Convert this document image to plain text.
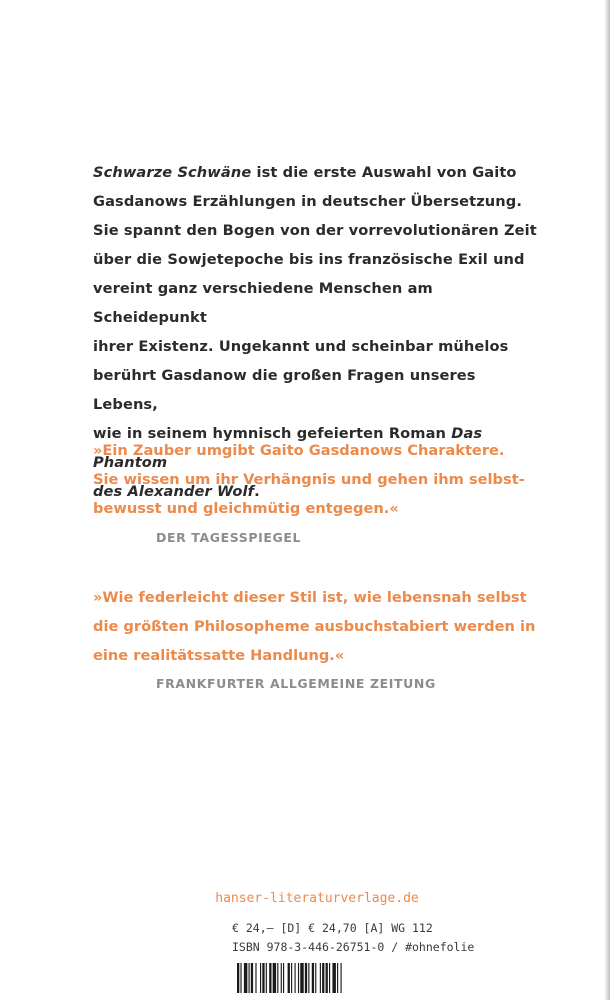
Schwarze Schwäne ist die erste Auswahl von Gaito
Gasdanows Erzählungen in deutscher Übersetzung.
Sie spannt den Bogen von der vorrevolutionären Zeit
über die Sowjetepoche bis ins französische Exil und
vereint ganz verschiedene Menschen am Scheidepunkt
ihrer Existenz. Ungekannt und scheinbar mühelos
berührt Gasdanow die großen Fragen unseres Lebens,
wie in seinem hymnisch gefeierten Roman Das Phantom
des Alexander Wolf.
»Ein Zauber umgibt Gaito Gasdanows Charaktere.
Sie wissen um ihr Verhängnis und gehen ihm selbst-
bewusst und gleichmütig entgegen.«
DER TAGESSPIEGEL
»Wie federleicht dieser Stil ist, wie lebensnah selbst
die größten Philosopheme ausbuchstabiert werden in
eine realitätssatte Handlung.«
FRANKFURTER ALLGEMEINE ZEITUNG
hanser-literaturverlage.de
€ 24,– [D] € 24,70 [A] WG 112
ISBN 978-3-446-26751-0 / #ohnefolie
